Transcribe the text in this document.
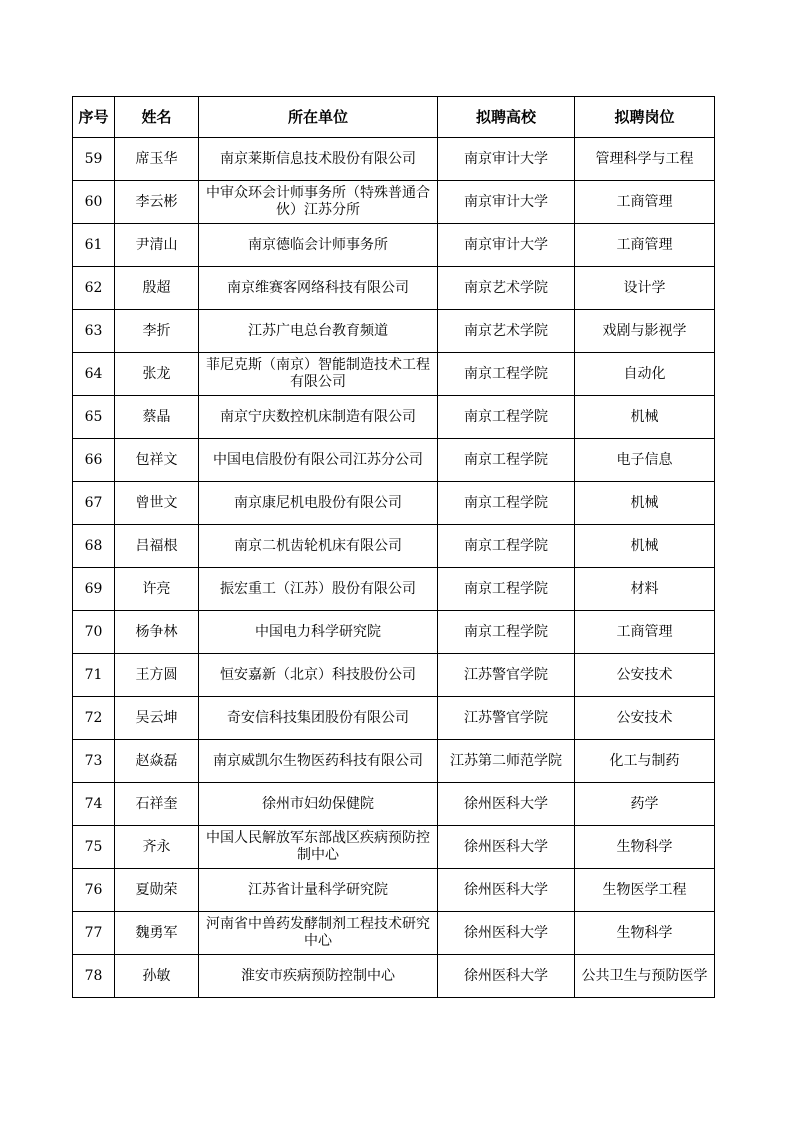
序号	姓名	所在单位	拟聘高校	拟聘岗位
59	席玉华	南京莱斯信息技术股份有限公司	南京审计大学	管理科学与工程
60	李云彬	中审众环会计师事务所（特殊普通合伙）江苏分所	南京审计大学	工商管理
61	尹清山	南京德临会计师事务所	南京审计大学	工商管理
62	殷超	南京维赛客网络科技有限公司	南京艺术学院	设计学
63	李折	江苏广电总台教育频道	南京艺术学院	戏剧与影视学
64	张龙	菲尼克斯（南京）智能制造技术工程有限公司	南京工程学院	自动化
65	蔡晶	南京宁庆数控机床制造有限公司	南京工程学院	机械
66	包祥文	中国电信股份有限公司江苏分公司	南京工程学院	电子信息
67	曾世文	南京康尼机电股份有限公司	南京工程学院	机械
68	吕福根	南京二机齿轮机床有限公司	南京工程学院	机械
69	许亮	振宏重工（江苏）股份有限公司	南京工程学院	材料
70	杨争林	中国电力科学研究院	南京工程学院	工商管理
71	王方圆	恒安嘉新（北京）科技股份公司	江苏警官学院	公安技术
72	吴云坤	奇安信科技集团股份有限公司	江苏警官学院	公安技术
73	赵焱磊	南京威凯尔生物医药科技有限公司	江苏第二师范学院	化工与制药
74	石祥奎	徐州市妇幼保健院	徐州医科大学	药学
75	齐永	中国人民解放军东部战区疾病预防控制中心	徐州医科大学	生物科学
76	夏勋荣	江苏省计量科学研究院	徐州医科大学	生物医学工程
77	魏勇军	河南省中兽药发酵制剂工程技术研究中心	徐州医科大学	生物科学
78	孙敏	淮安市疾病预防控制中心	徐州医科大学	公共卫生与预防医学
